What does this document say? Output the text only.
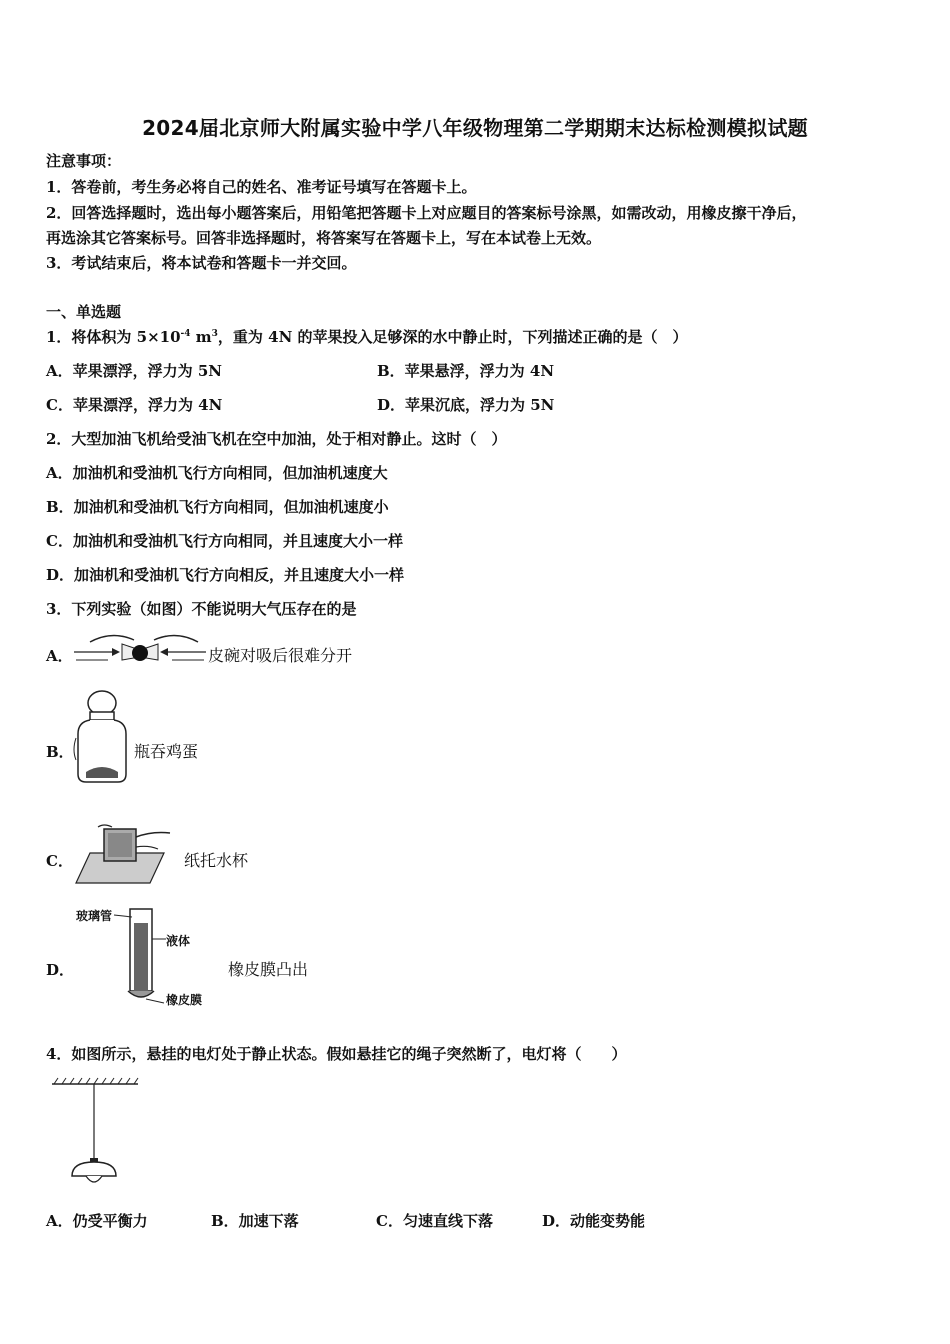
2024届北京师大附属实验中学八年级物理第二学期期末达标检测模拟试题
注意事项：
1．答卷前，考生务必将自己的姓名、准考证号填写在答题卡上。
2．回答选择题时，选出每小题答案后，用铅笔把答题卡上对应题目的答案标号涂黑，如需改动，用橡皮擦干净后，
再选涂其它答案标号。回答非选择题时，将答案写在答题卡上，写在本试卷上无效。
3．考试结束后，将本试卷和答题卡一并交回。
一、单选题
1．将体积为 $5\times 10^{-4}$ $m^3$，重为 4N 的苹果投入足够深的水中静止时，下列描述正确的是（　）
A．苹果漂浮，浮力为 5N	B．苹果悬浮，浮力为 4N
C．苹果漂浮，浮力为 4N	D．苹果沉底，浮力为 5N
2．大型加油飞机给受油飞机在空中加油，处于相对静止。这时（　）
A．加油机和受油机飞行方向相同，但加油机速度大
B．加油机和受油机飞行方向相同，但加油机速度小
C．加油机和受油机飞行方向相同，并且速度大小一样
D．加油机和受油机飞行方向相反，并且速度大小一样
3．下列实验（如图）不能说明大气压存在的是
A．	皮碗对吸后很难分开
B．	瓶吞鸡蛋
C．	纸托水杯
D．
玻璃管
液体
橡皮膜
橡皮膜凸出
4．如图所示，悬挂的电灯处于静止状态。假如悬挂它的绳子突然断了，电灯将（　　）
A．仍受平衡力	B．加速下落	C．匀速直线下落	D．动能变势能
